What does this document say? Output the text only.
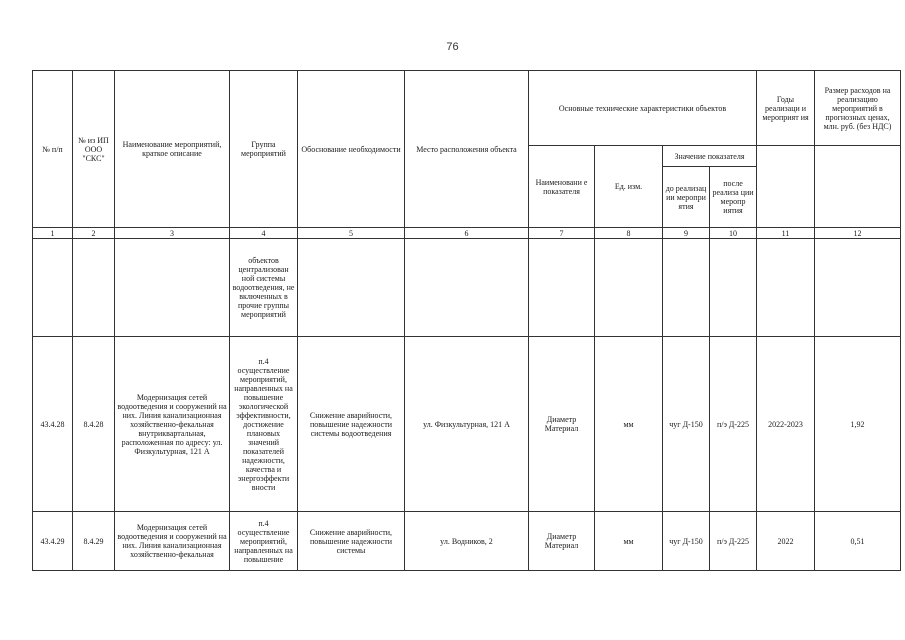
76
№ п/п	№ из ИП ООО "СКС"	Наименование мероприятий, краткое описание	Группа мероприятий	Обоснование необходимости	Место расположения объекта	Основные технические характеристики объектов				Годы реализаци и мероприят ия	Размер расходов на реализацию мероприятий в прогнозных ценах, млн. руб. (без НДС)
						Наименовани е показателя	Ед. изм.	Значение показателя			
								до реализац ии меропри ятия	после реализа ции меропр иятия		
1	2	3	4	5	6	7	8	9	10	11	12
			объектов централизован ной системы водоотведения, не включенных в прочие группы мероприятий								
43.4.28	8.4.28	Модернизация сетей водоотведения и сооружений на них. Линия канализационная хозяйственно-фекальная внутриквартальная, расположенная по адресу: ул. Физкультурная, 121 А	п.4 осуществление мероприятий, направленных на повышение экологической эффективности, достижение плановых значений показателей надежности, качества и энергоэффекти вности	Снижение аварийности, повышение надежности системы водоотведения	ул. Физкультурная, 121 А	Диаметр Материал	мм	чуг Д-150	п/э Д-225	2022-2023	1,92
43.4.29	8.4.29	Модернизация сетей водоотведения и сооружений на них. Линия канализационная хозяйственно-фекальная	п.4 осуществление мероприятий, направленных на повышение	Снижение аварийности, повышение надежности системы	ул. Водников, 2	Диаметр Материал	мм	чуг Д-150	п/э Д-225	2022	0,51
